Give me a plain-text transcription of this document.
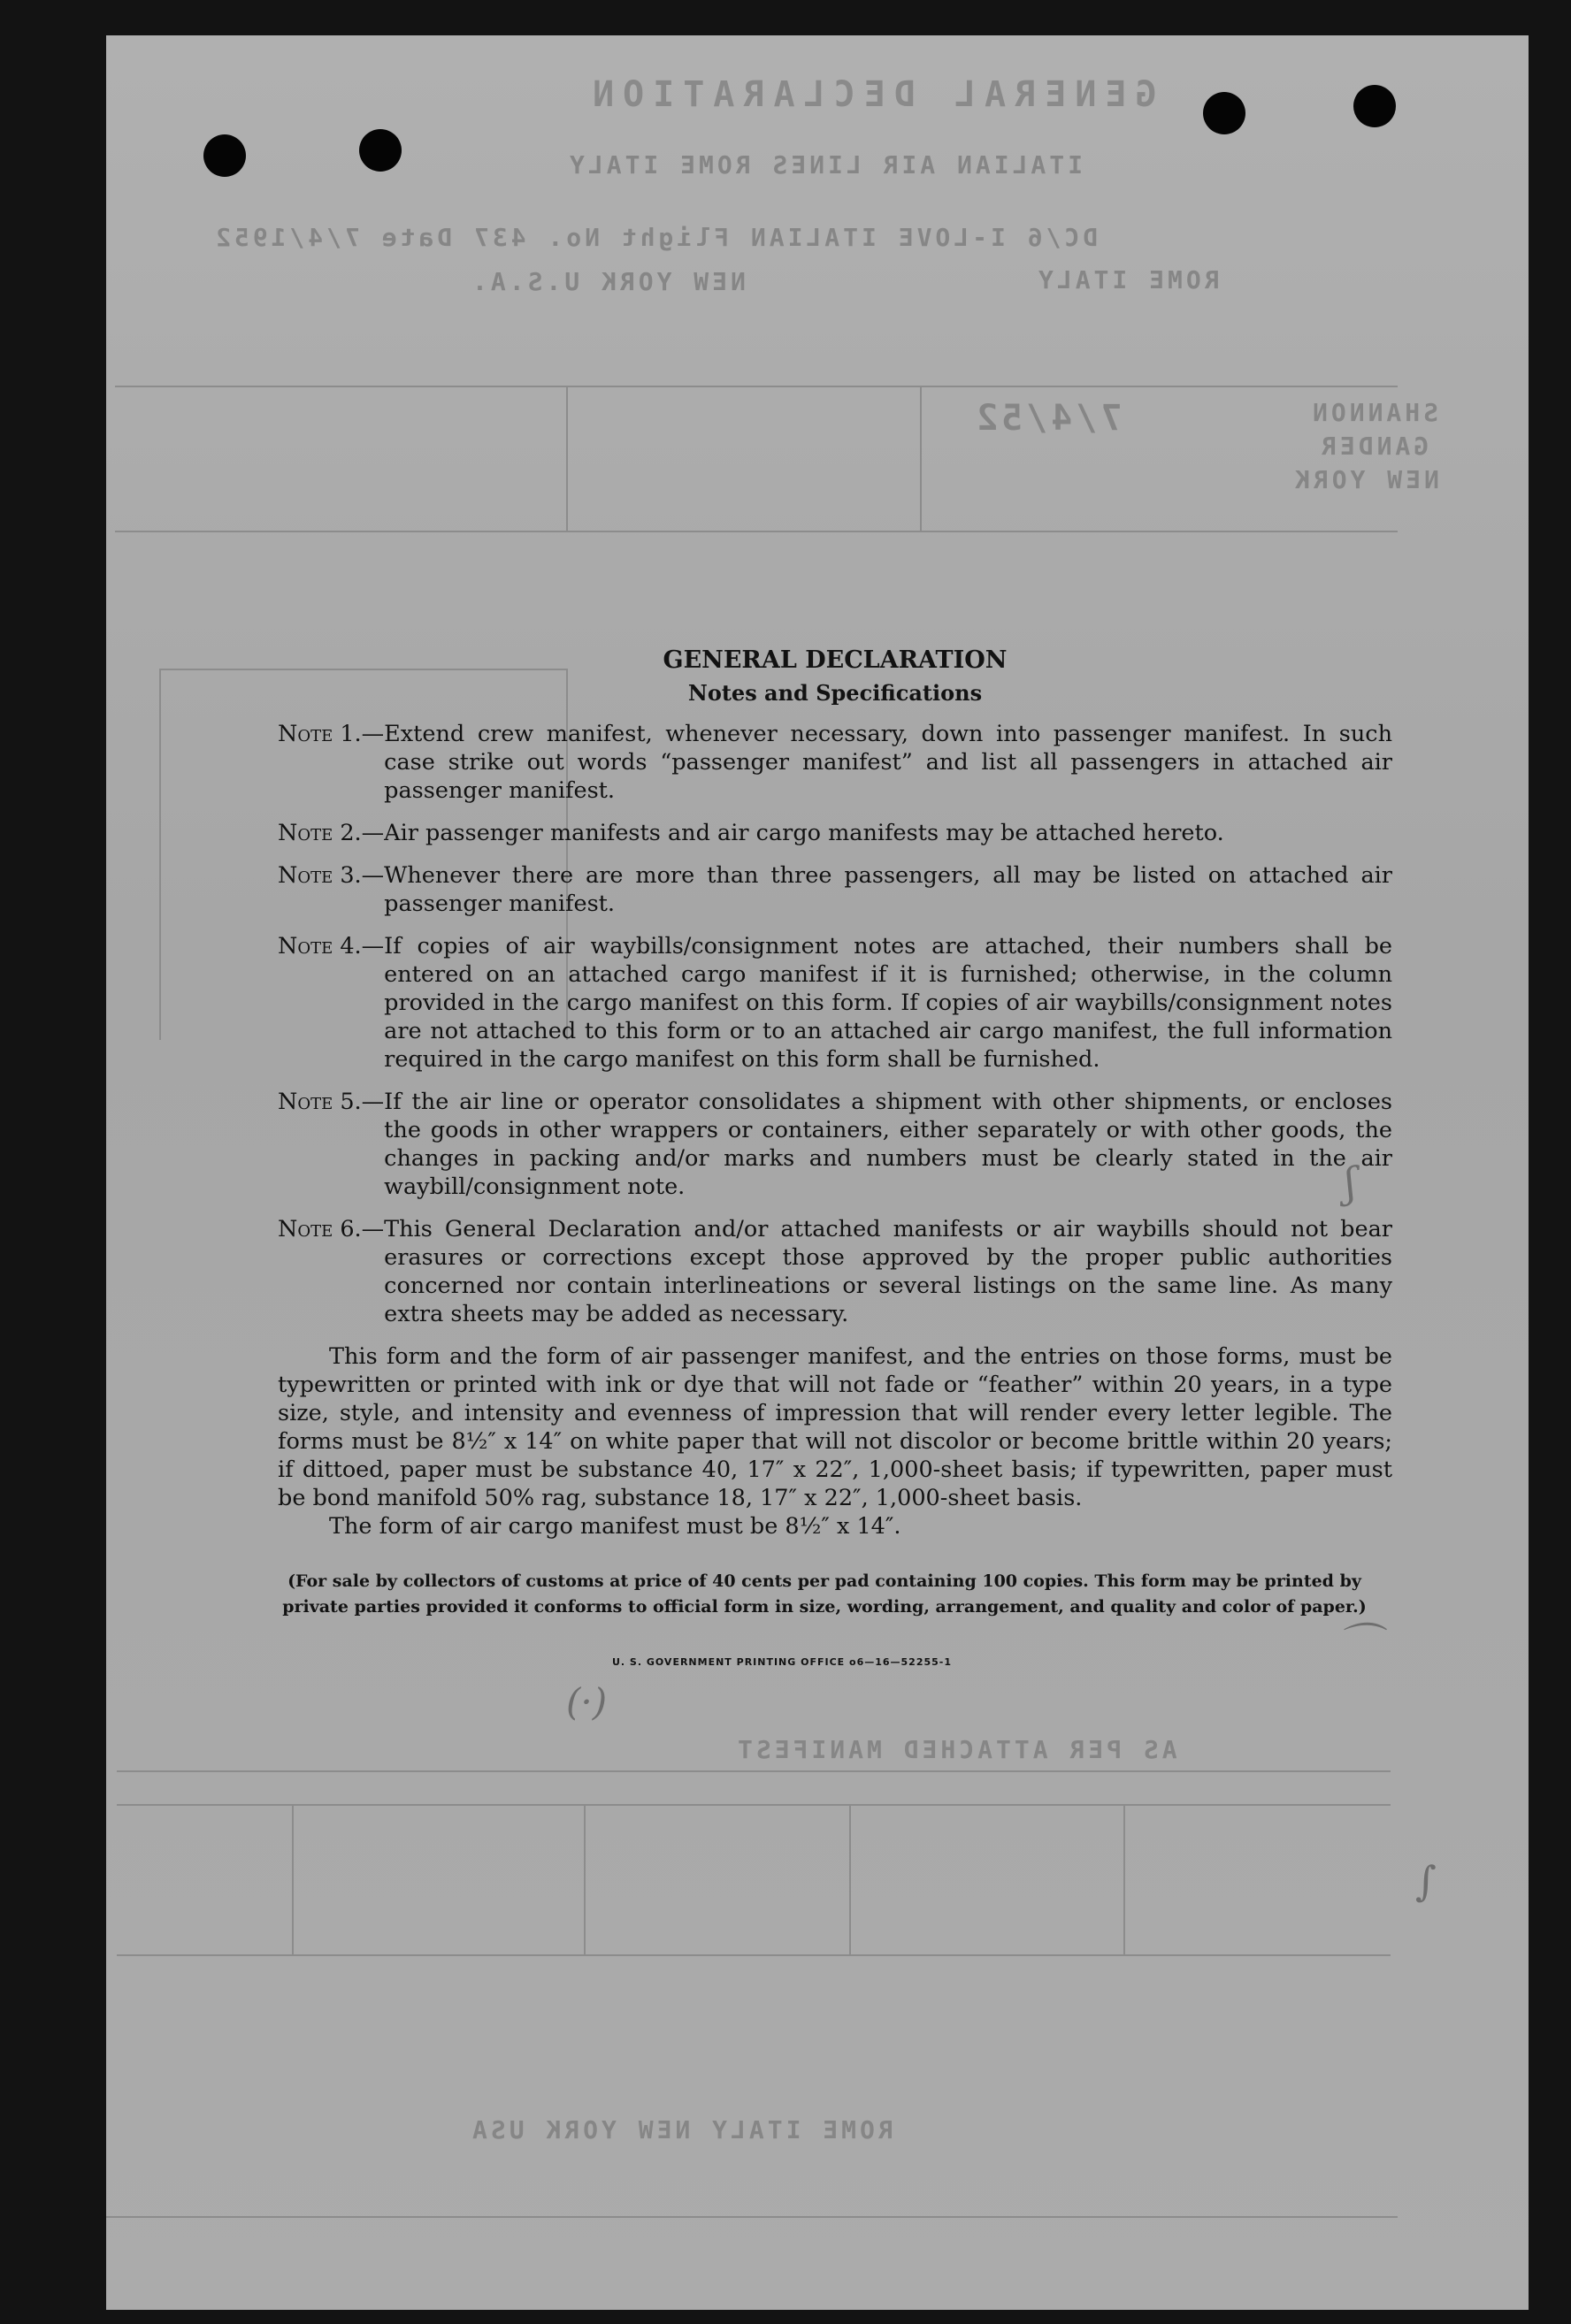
GENERAL DECLARATION
ITALIAN AIR LINES ROME ITALY
DC/6 I-LOVE ITALIAN Flight No. 437 Date 7/4/1952
ROME ITALY
NEW YORK U.S.A.
SHANNON
GANDER
NEW YORK
7/4/52
AS PER ATTACHED MANIFEST
ROME ITALY NEW YORK USA
ʃ
⌒
∫
(·)

GENERAL DECLARATION

Notes and Specifications

Note 1. — Extend crew manifest, whenever necessary, down into passenger manifest. In such case strike out words “passenger manifest” and list all passengers in attached air passenger manifest.
Note 2. — Air passenger manifests and air cargo manifests may be attached hereto.
Note 3. — Whenever there are more than three passengers, all may be listed on attached air passenger manifest.
Note 4. — If copies of air waybills/consignment notes are attached, their numbers shall be entered on an attached cargo manifest if it is furnished; otherwise, in the column provided in the cargo manifest on this form. If copies of air waybills/consignment notes are not attached to this form or to an attached air cargo manifest, the full information required in the cargo manifest on this form shall be furnished.
Note 5. — If the air line or operator consolidates a shipment with other shipments, or encloses the goods in other wrappers or containers, either separately or with other goods, the changes in packing and/or marks and numbers must be clearly stated in the air waybill/consignment note.
Note 6. — This General Declaration and/or attached manifests or air waybills should not bear erasures or corrections except those approved by the proper public authorities concerned nor contain interlineations or several listings on the same line. As many extra sheets may be added as necessary.
This form and the form of air passenger manifest, and the entries on those forms, must be typewritten or printed with ink or dye that will not fade or “feather” within 20 years, in a type size, style, and intensity and evenness of impression that will render every letter legible. The forms must be 8½″ x 14″ on white paper that will not discolor or become brittle within 20 years; if dittoed, paper must be substance 40, 17″ x 22″, 1,000-sheet basis; if typewritten, paper must be bond manifold 50% rag, substance 18, 17″ x 22″, 1,000-sheet basis.
The form of air cargo manifest must be 8½″ x 14″.
(For sale by collectors of customs at price of 40 cents per pad containing 100 copies. This form may be printed by private parties provided it conforms to official form in size, wording, arrangement, and quality and color of paper.)
U. S. GOVERNMENT PRINTING OFFICE o6—16—52255-1
